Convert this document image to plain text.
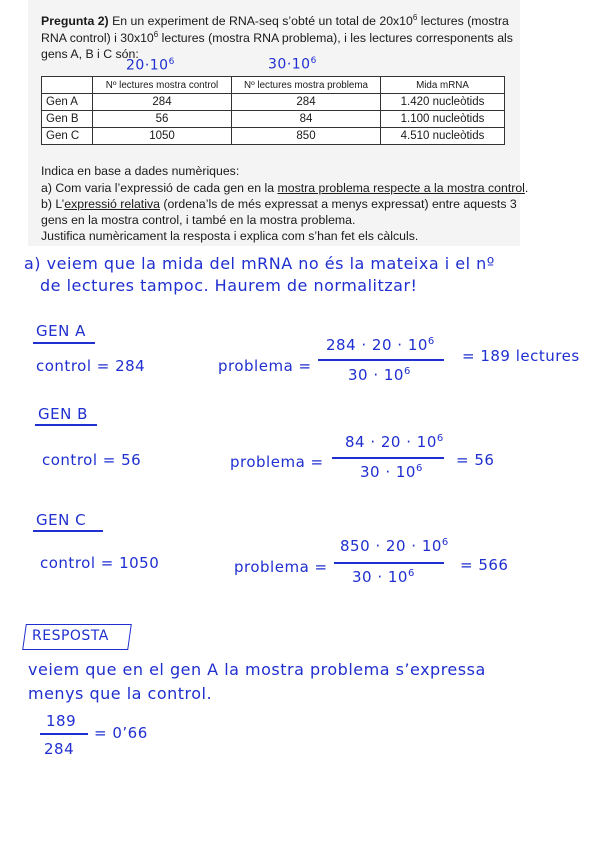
Pregunta 2) En un experiment de RNA-seq s’obté un total de $20x10^6$ lectures (mostra
RNA control) i $30x10^6$ lectures (mostra RNA problema), i les lectures corresponents als
gens A, B i C són:
$20\cdot 10^6$	$30\cdot 10^6$
	Nº lectures mostra control	Nº lectures mostra problema	Mida mRNA
Gen A	284	284	1.420 nucleòtids
Gen B	56	84	1.100 nucleòtids
Gen C	1050	850	4.510 nucleòtids
Indica en base a dades numèriques:
a) Com varia l’expressió de cada gen en la mostra problema respecte a la mostra control.
b) L’expressió relativa (ordena’ls de més expressat a menys expressat) entre aquests 3
gens en la mostra control, i també en la mostra problema.
Justifica numèricament la resposta i explica com s’han fet els càlculs.
a) veiem que la mida del mRNA no és la mateixa i el nº
de lectures tampoc. Haurem de normalitzar!
GEN A
control = 284	problema =
$284 \cdot 20 \cdot 10^6$
$30 \cdot 10^6$
= 189 lectures
GEN B
control = 56	problema =
$84 \cdot 20 \cdot 10^6$
$30 \cdot 10^6 = 56$
GEN C
control = 1050	problema =
$850 \cdot 20 \cdot 10^6$
$30 \cdot 10^6$	= 566
RESPOSTA
veiem que en el gen A la mostra problema s’expressa
menys que la control.
189
284
= 0’66
